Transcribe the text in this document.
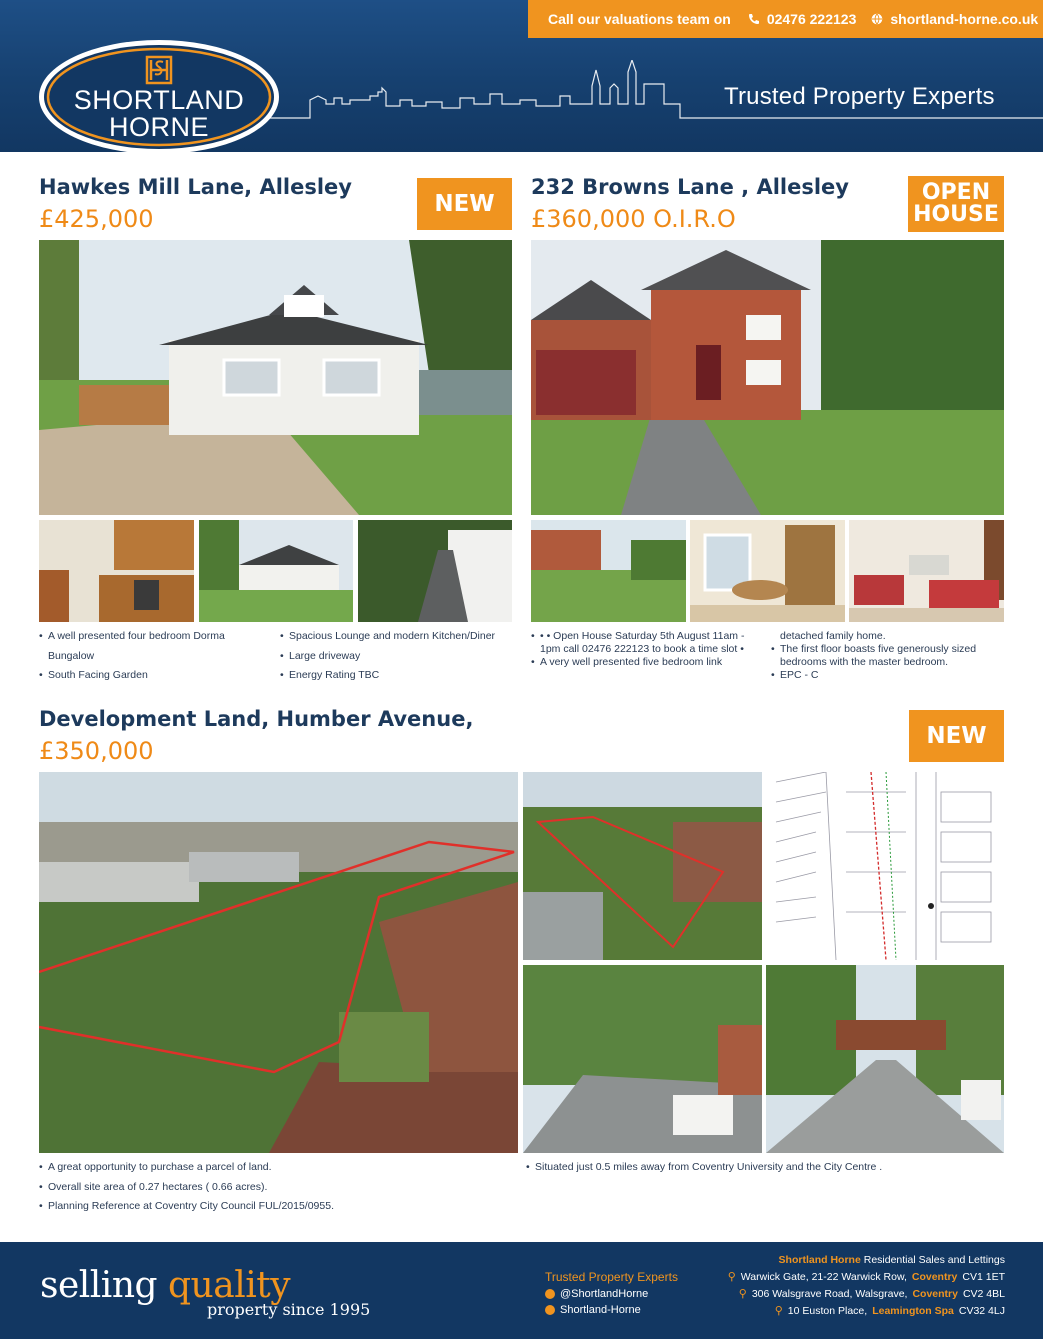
Trusted Property Experts
Call our valuations team on	02476 222123 shortland-horne.co.uk
SHORTLAND
HORNE
Hawkes Mill Lane, Allesley
£425,000
NEW
• A well presented four bedroom Dorma Bungalow
• South Facing Garden
• Spacious Lounge and modern Kitchen/Diner
• Large driveway
• Energy Rating TBC
232 Browns Lane , Allesley
£360,000 O.I.R.O
OPEN
HOUSE
• • • Open House Saturday 5th August 11am - 1pm call 02476 222123 to book a time slot •
• A very well presented five bedroom link
detached family home.
• The first floor boasts five generously sized bedrooms with the master bedroom.
• EPC - C
Development Land, Humber Avenue,
£350,000
NEW
• A great opportunity to purchase a parcel of land.
• Overall site area of 0.27 hectares ( 0.66 acres).
• Planning Reference at Coventry City Council FUL/2015/0955.
• Situated just 0.5 miles away from Coventry University and the City Centre .
selling quality
property since 1995
Trusted Property Experts
@ShortlandHorne
Shortland-Horne
Shortland Horne Residential Sales and Lettings
⚲ Warwick Gate, 21-22 Warwick Row, Coventry CV1 1ET
⚲ 306 Walsgrave Road, Walsgrave, Coventry CV2 4BL
⚲ 10 Euston Place, Leamington Spa CV32 4LJ
